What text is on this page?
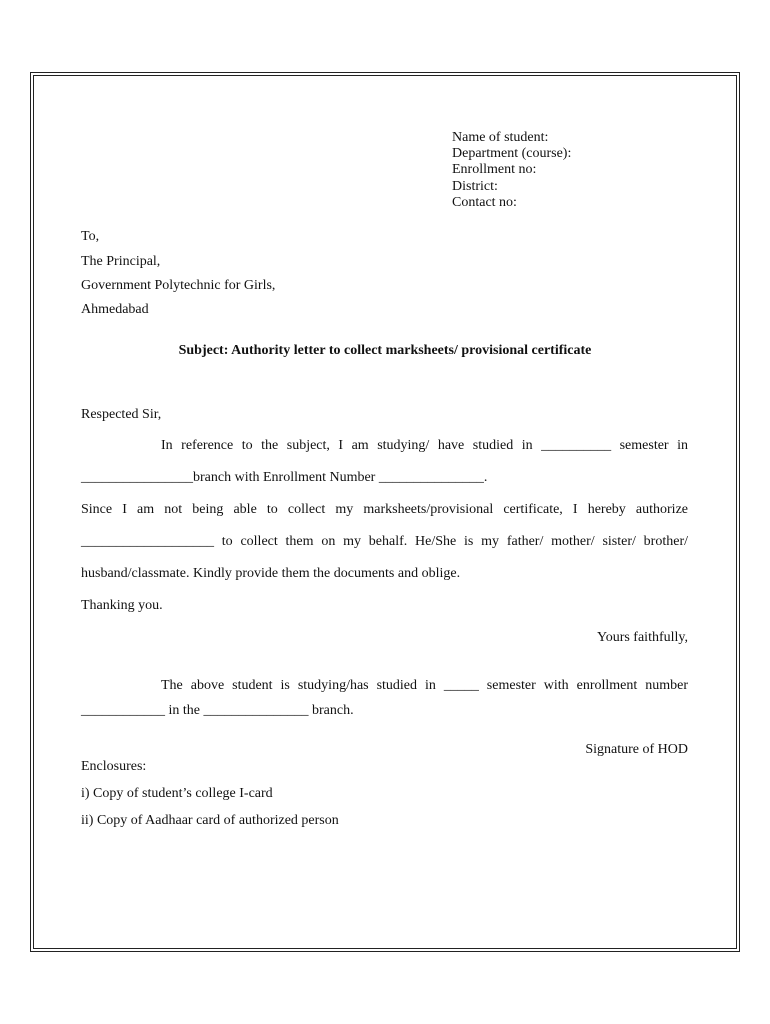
Name of student:
Department (course):
Enrollment no:
District:
Contact no:
To,
The Principal,
Government Polytechnic for Girls,
Ahmedabad
Subject: Authority letter to collect marksheets/ provisional certificate
Respected Sir,
In reference to the subject, I am studying/ have studied in __________ semester in
________________branch with Enrollment Number _______________.
Since I am not being able to collect my marksheets/provisional certificate, I hereby authorize
___________________ to collect them on my behalf. He/She is my father/ mother/ sister/ brother/
husband/classmate. Kindly provide them the documents and oblige.
Thanking you.
Yours faithfully,
The above student is studying/has studied in _____ semester with enrollment number
____________ in the _______________ branch.
Signature of HOD
Enclosures:
i) Copy of student’s college I-card
ii) Copy of Aadhaar card of authorized person
